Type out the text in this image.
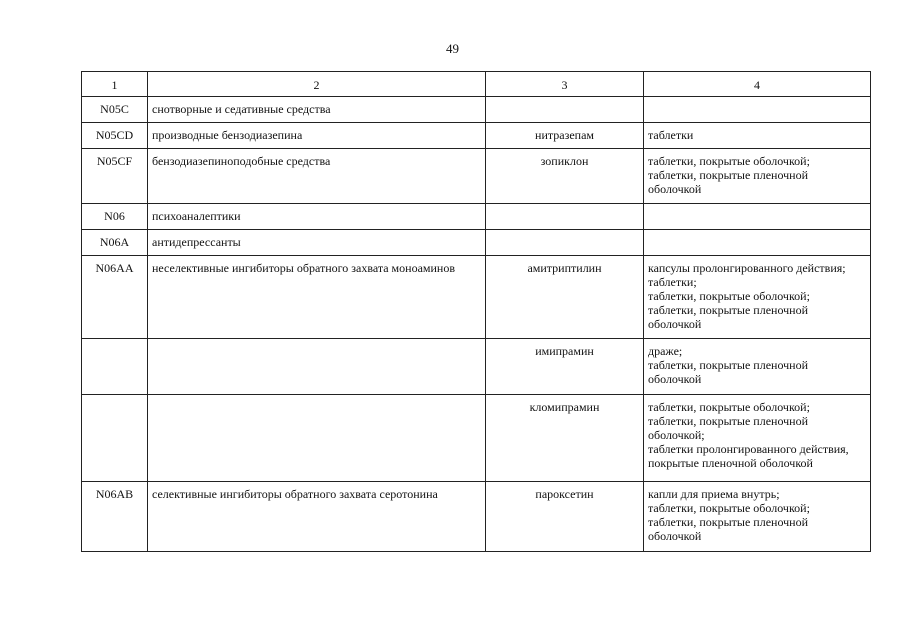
49
1	2	3	4
N05C	снотворные и седативные средства		
N05CD	производные бензодиазепина	нитразепам	таблетки
N05CF	бензодиазепиноподобные средства	зопиклон	таблетки, покрытые оболочкой;
таблетки, покрытые пленочной
оболочкой
N06	психоаналептики		
N06A	антидепрессанты		
N06AA	неселективные ингибиторы обратного захвата моноаминов	амитриптилин	капсулы пролонгированного действия;
таблетки;
таблетки, покрытые оболочкой;
таблетки, покрытые пленочной
оболочкой
		имипрамин	драже;
таблетки, покрытые пленочной
оболочкой
		кломипрамин	таблетки, покрытые оболочкой;
таблетки, покрытые пленочной
оболочкой;
таблетки пролонгированного действия,
покрытые пленочной оболочкой
N06AB	селективные ингибиторы обратного захвата серотонина	пароксетин	капли для приема внутрь;
таблетки, покрытые оболочкой;
таблетки, покрытые пленочной
оболочкой
